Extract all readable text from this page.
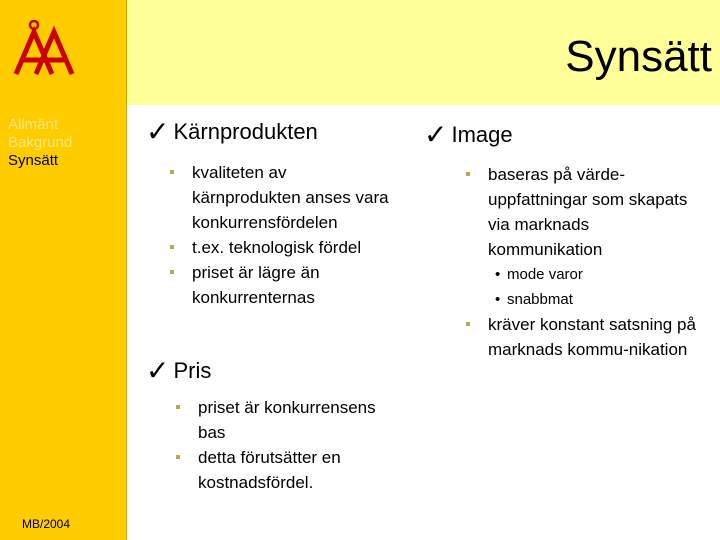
Allmänt
Bakgrund
Synsätt
MB/2004
Synsätt
✓ Kärnprodukten
▪ kvaliteten av kärnprodukten anses vara konkurrensfördelen
▪ t.ex. teknologisk fördel
▪ priset är lägre än konkurrenternas
✓ Pris
▪ priset är konkurrensens bas
▪ detta förutsätter en kostnadsfördel.
✓ Image
▪ baseras på värde-uppfattningar som skapats via marknads kommunikation
• mode varor
• snabbmat
▪ kräver konstant satsning på marknads kommu-nikation
